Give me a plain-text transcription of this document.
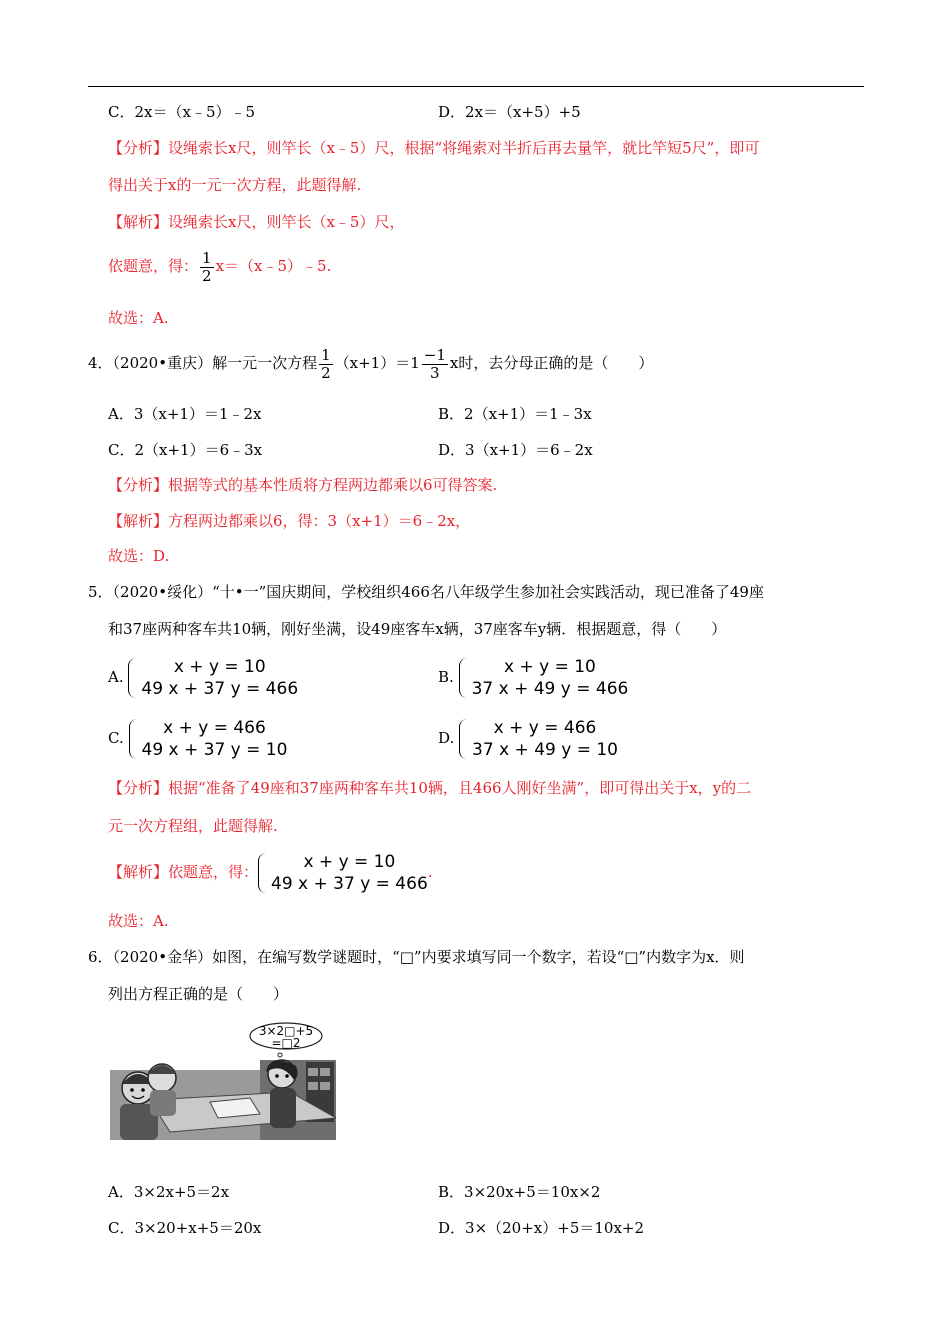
C．2x＝（x﹣5）﹣5	D．2x＝（x+5）+5
【分析】设绳索长x尺，则竿长（x﹣5）尺，根据“将绳索对半折后再去量竿，就比竿短5尺”，即可
得出关于x的一元一次方程，此题得解.
【解析】设绳索长x尺，则竿长（x﹣5）尺，
依题意，得： $\frac{1}{2}$ x＝（x﹣5）﹣5.
故选：A.
4．（2020•重庆）解一元一次方程 $\frac{1}{2} (x+1)=1 \frac{-1}{3}$ x时，去分母正确的是（　　）
A．3（x+1）＝1﹣2x	B．2（x+1）＝1﹣3x
C．2（x+1）＝6﹣3x	D．3（x+1）＝6﹣2x
【分析】根据等式的基本性质将方程两边都乘以6可得答案.
【解析】方程两边都乘以6，得：3（x+1）＝6﹣2x，
故选：D.
5．（2020•绥化）“十•一”国庆期间，学校组织466名八年级学生参加社会实践活动，现已准备了49座
和37座两种客车共10辆，刚好坐满，设49座客车x辆，37座客车y辆．根据题意，得（　　）
A.	x + y = 10
49 x + 37 y = 466
B.	x + y = 10
37 x + 49 y = 466
C.	x + y = 466
49 x + 37 y = 10
D.	x + y = 466
37 x + 49 y = 10
【分析】根据“准备了49座和37座两种客车共10辆，且466人刚好坐满”，即可得出关于x，y的二
元一次方程组，此题得解.
【解析】依题意，得：	x + y = 10
49 x + 37 y = 466
.
故选：A.
6．（2020•金华）如图，在编写数学谜题时，“□”内要求填写同一个数字，若设“□”内数字为x．则
列出方程正确的是（　　）
3×2□+5
=□2
A．3×2x+5＝2x	B．3×20x+5＝10x×2
C．3×20+x+5＝20x	D．3×（20+x）+5＝10x+2
